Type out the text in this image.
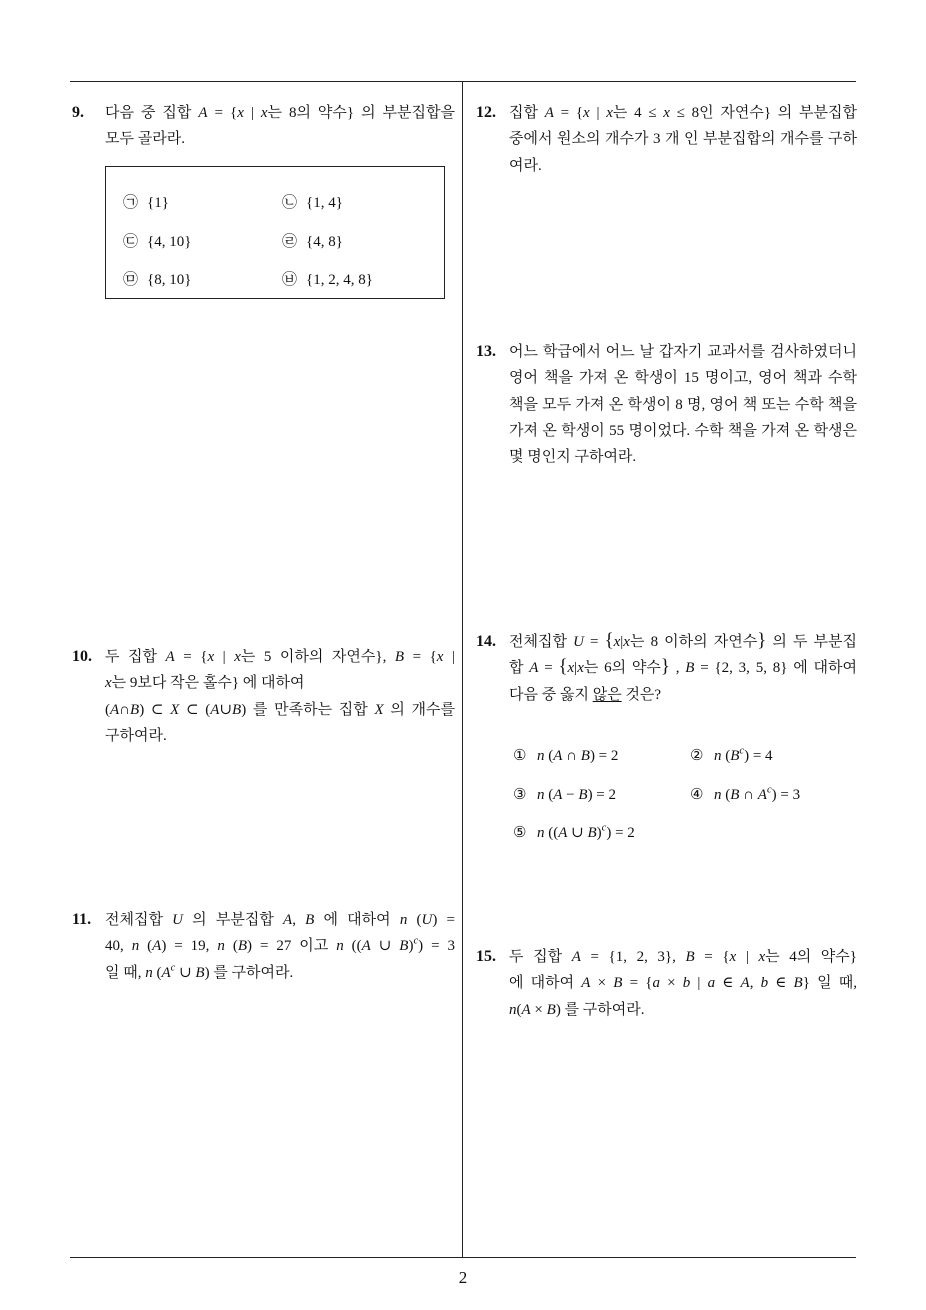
9. 다음 중 집합 A = {x | x는 8의 약수} 의 부분집합을
모두 골라라.
㉠ {1}	㉡ {1, 4}
㉢ {4, 10}	㉣ {4, 8}
㉤ {8, 10}	㉥ {1, 2, 4, 8}
10. 두 집합 A = {x | x는 5 이하의 자연수}, B = {x |
x는 9보다 작은 홀수} 에 대하여
(A∩B) ⊂ X ⊂ (A∪B) 를 만족하는 집합 X 의 개수를
구하여라.
11. 전체집합 U 의 부분집합 A, B 에 대하여 n (U) =
40, n (A) = 19, n (B) = 27 이고 n ((A ∪ B)$^c$) = 3
일 때, n ($A^c$ ∪ B) 를 구하여라.
12. 집합 A = {x | x는 4 ≤ x ≤ 8인 자연수} 의 부분집합
중에서 원소의 개수가 3 개 인 부분집합의 개수를 구하
여라.
13. 어느 학급에서 어느 날 갑자기 교과서를 검사하였더니
영어 책을 가져 온 학생이 15 명이고, 영어 책과 수학
책을 모두 가져 온 학생이 8 명, 영어 책 또는 수학 책을
가져 온 학생이 55 명이었다. 수학 책을 가져 온 학생은
몇 명인지 구하여라.
14. 전체집합 U = {x|x는 8 이하의 자연수} 의 두 부분집
합 A = {x|x는 6의 약수} , B = {2, 3, 5, 8} 에 대하여
다음 중 옳지 않은 것은?
① n (A ∩ B) = 2	② n $(B^c) = 4$
③ n (A − B) = 2	④ n (B ∩ $A^c) = 3$
⑤ n ((A ∪ B)$^c$) = 2
15. 두 집합 A = {1, 2, 3}, B = {x | x는 4의 약수}
에 대하여 A × B = {a × b | a ∈ A, b ∈ B} 일 때,
n(A × B) 를 구하여라.
2
